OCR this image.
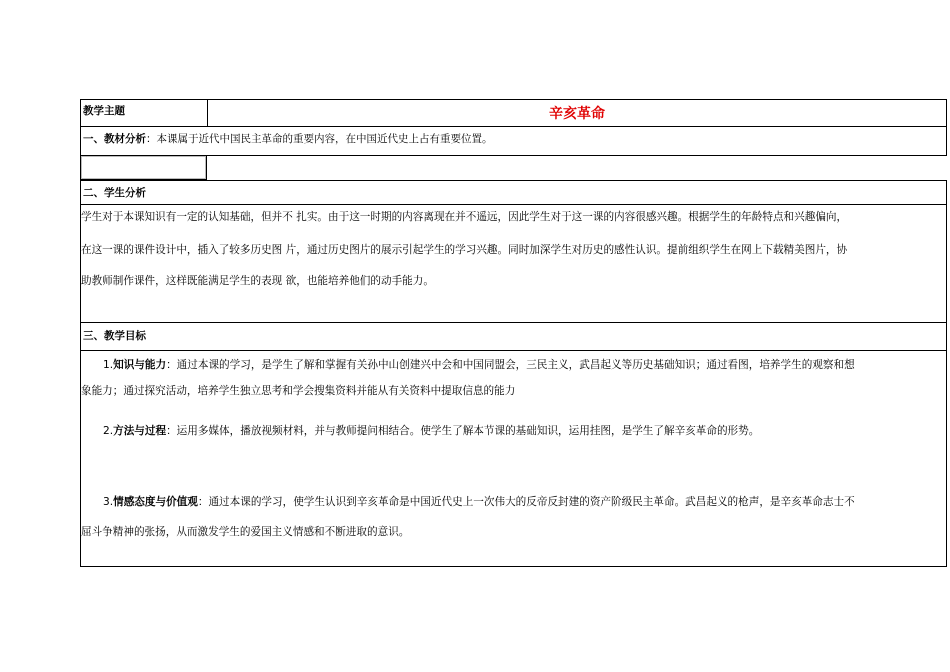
教学主题	辛亥革命
一、教材分析：本课属于近代中国民主革命的重要内容，在中国近代史上占有重要位置。
二、学生分析
学生对于本课知识有一定的认知基础，但并不 扎实。由于这一时期的内容离现在并不遥远，因此学生对于这一课的内容很感兴趣。根据学生的年龄特点和兴趣偏向，
在这一课的课件设计中，插入了较多历史图 片，通过历史图片的展示引起学生的学习兴趣。同时加深学生对历史的感性认识。提前组织学生在网上下载精美图片，协
助教师制作课件，这样既能满足学生的表现 欲，也能培养他们的动手能力。
三、教学目标
1.知识与能力：通过本课的学习，是学生了解和掌握有关孙中山创建兴中会和中国同盟会，三民主义，武昌起义等历史基础知识；通过看图，培养学生的观察和想
象能力；通过探究活动，培养学生独立思考和学会搜集资料并能从有关资料中提取信息的能力
2.方法与过程：运用多媒体，播放视频材料，并与教师提问相结合。使学生了解本节课的基础知识，运用挂图，是学生了解辛亥革命的形势。
3.情感态度与价值观：通过本课的学习，使学生认识到辛亥革命是中国近代史上一次伟大的反帝反封建的资产阶级民主革命。武昌起义的枪声，是辛亥革命志士不
屈斗争精神的张扬，从而激发学生的爱国主义情感和不断进取的意识。
